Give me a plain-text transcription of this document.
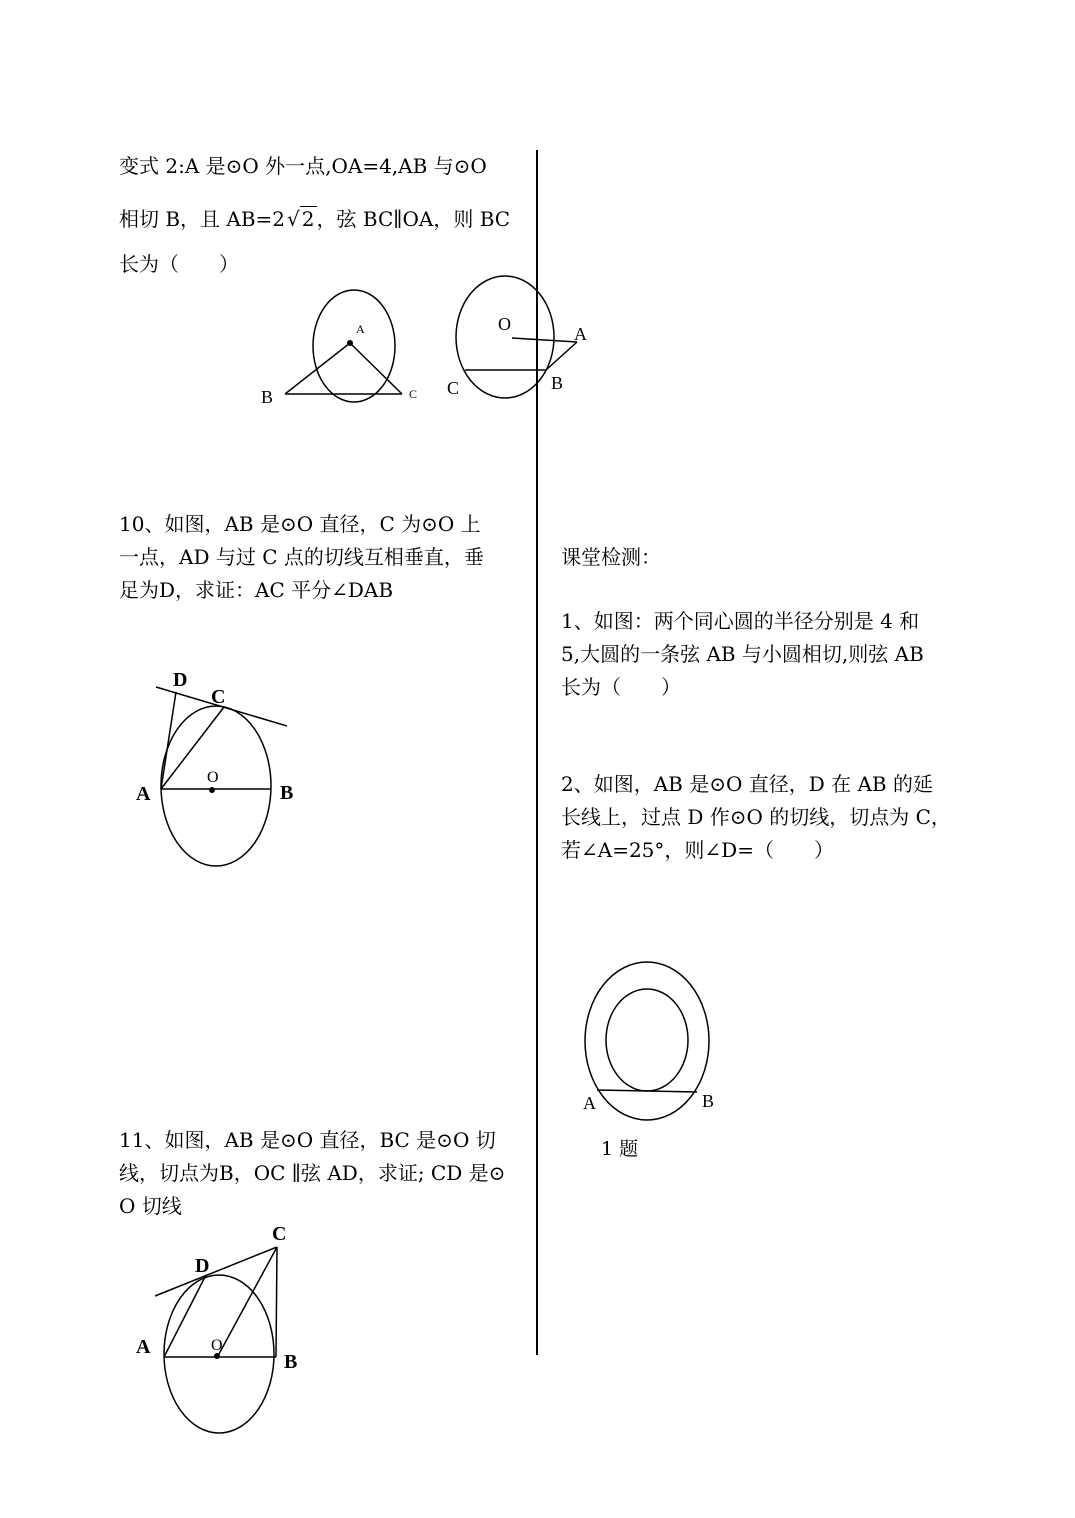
变式 2:A 是⊙O 外一点,OA=4,AB 与⊙O
相切 B，且 AB=2 √ 2 ，弦 BC∥OA，则 BC
长为（　　）
A
B	C
O	A
B
C
10、如图，AB 是⊙O 直径，C 为⊙O 上
一点，AD 与过 C 点的切线互相垂直，垂
足为D，求证：AC 平分∠DAB
D
C
A
O
B
11、如图，AB 是⊙O 直径，BC 是⊙O 切
线，切点为B，OC ∥弦 AD，求证; CD 是⊙
O 切线
C
D
A	O
B
课堂检测：
1、如图：两个同心圆的半径分别是 4 和
5,大圆的一条弦 AB 与小圆相切,则弦 AB
长为（　　）
2、如图，AB 是⊙O 直径，D 在 AB 的延
长线上，过点 D 作⊙O 的切线，切点为 C，
若∠A=25°，则∠D=（　　）
A	B
1 题
